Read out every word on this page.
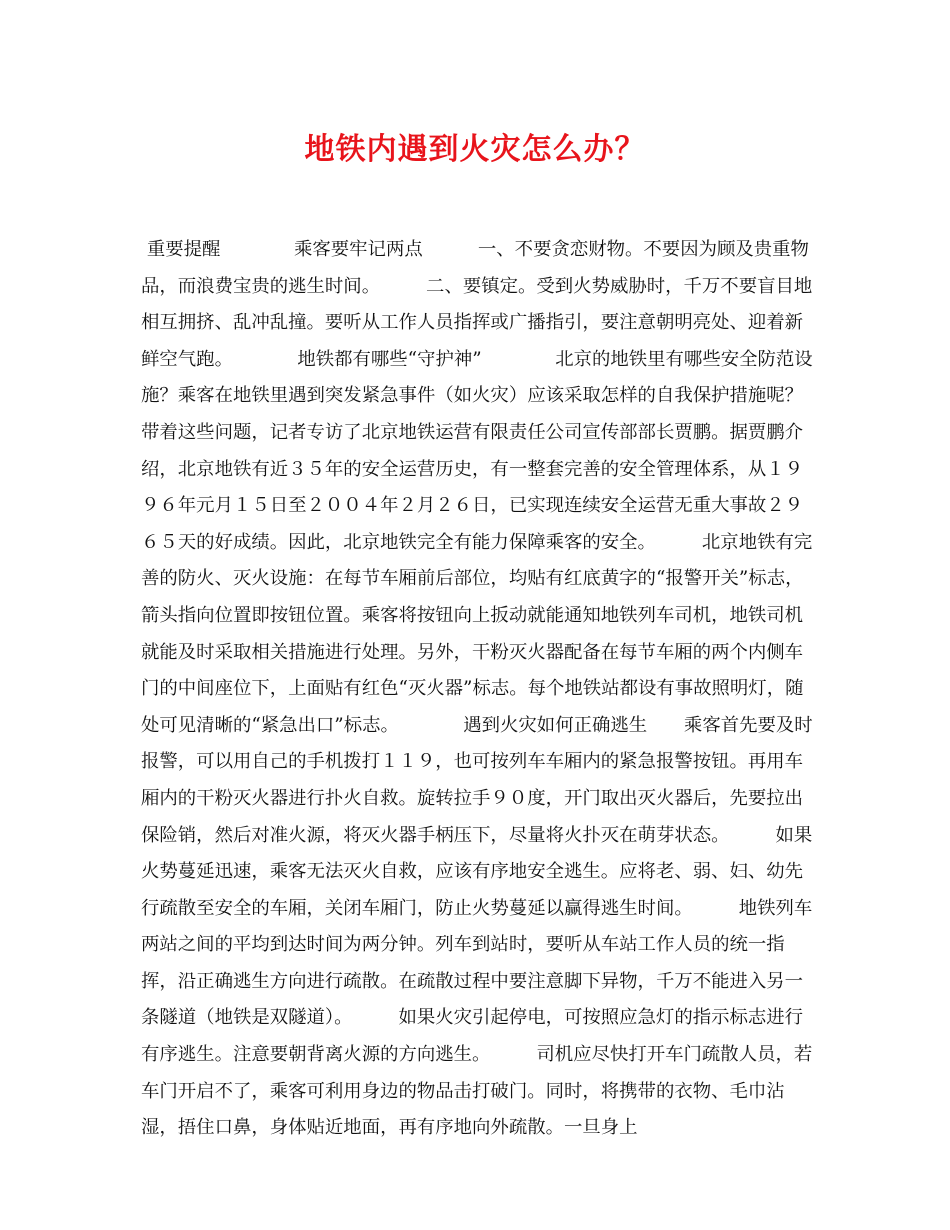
地铁内遇到火灾怎么办？

重要提醒　　　　乘客要牢记两点　　　一、不要贪恋财物。不要因为顾及贵重物品，而浪费宝贵的逃生时间。　　　二、要镇定。受到火势威胁时，千万不要盲目地相互拥挤、乱冲乱撞。要听从工作人员指挥或广播指引，要注意朝明亮处、迎着新鲜空气跑。　　　　地铁都有哪些“守护神”　　　　北京的地铁里有哪些安全防范设施？乘客在地铁里遇到突发紧急事件（如火灾）应该采取怎样的自我保护措施呢？带着这些问题，记者专访了北京地铁运营有限责任公司宣传部部长贾鹏。据贾鹏介绍，北京地铁有近３５年的安全运营历史，有一整套完善的安全管理体系，从１９９６年元月１５日至２００４年２月２６日，已实现连续安全运营无重大事故２９６５天的好成绩。因此，北京地铁完全有能力保障乘客的安全。　　　北京地铁有完善的防火、灭火设施：在每节车厢前后部位，均贴有红底黄字的“报警开关”标志，箭头指向位置即按钮位置。乘客将按钮向上扳动就能通知地铁列车司机，地铁司机就能及时采取相关措施进行处理。另外，干粉灭火器配备在每节车厢的两个内侧车门的中间座位下，上面贴有红色“灭火器”标志。每个地铁站都设有事故照明灯，随处可见清晰的“紧急出口”标志。　　　　遇到火灾如何正确逃生　　乘客首先要及时报警，可以用自己的手机拨打１１９，也可按列车车厢内的紧急报警按钮。再用车厢内的干粉灭火器进行扑火自救。旋转拉手９０度，开门取出灭火器后，先要拉出保险销，然后对准火源，将灭火器手柄压下，尽量将火扑灭在萌芽状态。　　　如果火势蔓延迅速，乘客无法灭火自救，应该有序地安全逃生。应将老、弱、妇、幼先行疏散至安全的车厢，关闭车厢门，防止火势蔓延以赢得逃生时间。　　　地铁列车两站之间的平均到达时间为两分钟。列车到站时，要听从车站工作人员的统一指挥，沿正确逃生方向进行疏散。在疏散过程中要注意脚下异物，千万不能进入另一条隧道（地铁是双隧道）。　　　如果火灾引起停电，可按照应急灯的指示标志进行有序逃生。注意要朝背离火源的方向逃生。　　　司机应尽快打开车门疏散人员，若车门开启不了，乘客可利用身边的物品击打破门。同时，将携带的衣物、毛巾沾湿，捂住口鼻，身体贴近地面，再有序地向外疏散。一旦身上
